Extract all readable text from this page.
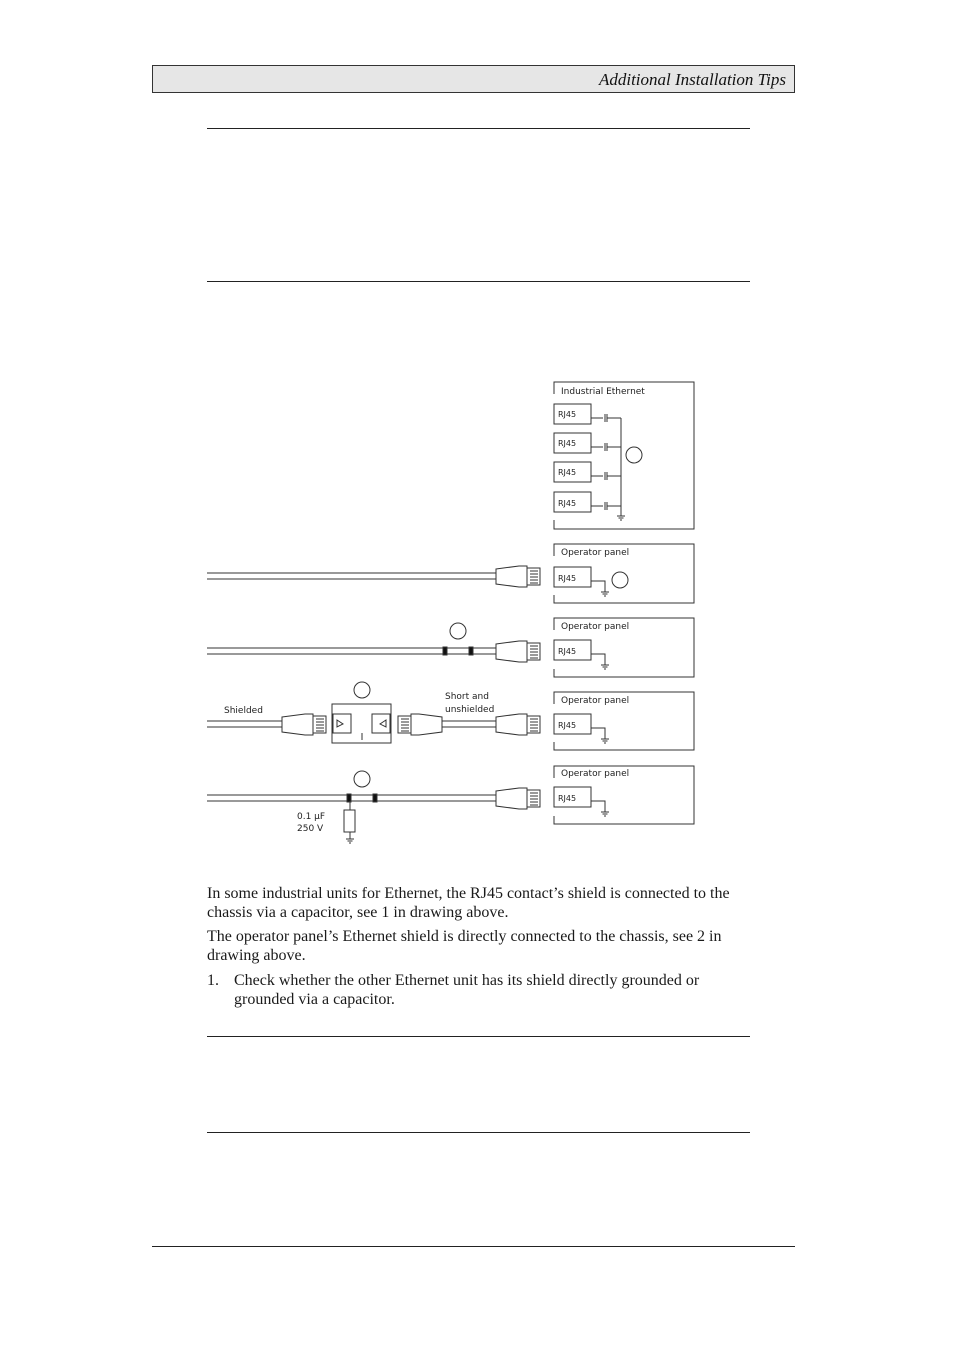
Additional Installation Tips
Industrial Ethernet
RJ45
RJ45
RJ45
RJ45
Operator panel
RJ45
Operator panel
RJ45
Operator panel
RJ45
Operator panel
RJ45
Shielded
Short and
unshielded
0.1 µF
250 V

In some industrial units for Ethernet, the RJ45 contact’s shield is connected to the chassis via a capacitor, see 1 in drawing above.

The operator panel’s Ethernet shield is directly connected to the chassis, see 2 in drawing above.

1. Check whether the other Ethernet unit has its shield directly grounded or grounded via a capacitor.
